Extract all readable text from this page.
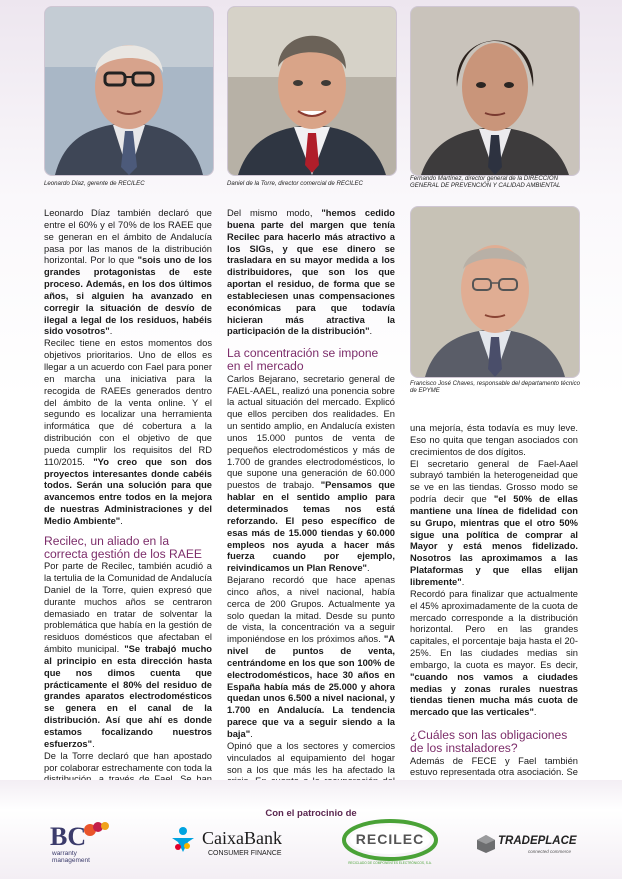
Leonardo Díaz, gerente de RECILEC	Daniel de la Torre, director comercial de RECILEC
Fernando Martínez, director general de la DIRECCIÓN GENERAL DE PREVENCIÓN Y CALIDAD AMBIENTAL
Francisco José Chaves, responsable del departamento técnico de EPYME

Leonardo Díaz también declaró que entre el 60% y el 70% de los RAEE que se generan en el ámbito de Andalucía pasa por las manos de la distribución horizontal. Por lo que "sois uno de los grandes protagonistas de este proceso. Además, en los dos últimos años, si alguien ha avanzado en corregir la situación de desvío de ilegal a legal de los residuos, habéis sido vosotros".

Recilec tiene en estos momentos dos objetivos prioritarios. Uno de ellos es llegar a un acuerdo con Fael para poner en marcha una iniciativa para la recogida de RAEEs generados dentro del ámbito de la venta online. Y el segundo es localizar una herramienta informática que dé cobertura a la distribución con el objetivo de que pueda cumplir los requisitos del RD 110/2015. "Yo creo que son dos proyectos interesantes donde cabéis todos. Serán una solución para que avancemos entre todos en la mejora de nuestras Administraciones y del Medio Ambiente".

Recilec, un aliado en la correcta gestión de los RAEE

Por parte de Recilec, también acudió a la tertulia de la Comunidad de Andalucía Daniel de la Torre, quien expresó que durante muchos años se centraron demasiado en tratar de solventar la problemática que había en la gestión de residuos domésticos que afectaban el ámbito municipal. "Se trabajó mucho al principio en esta dirección hasta que nos dimos cuenta que prácticamente el 80% del residuo de grandes aparatos electrodomésticos se genera en el canal de la distribución. Así que ahí es donde estamos focalizando nuestros esfuerzos".

De la Torre declaró que han apostado por colaborar estrechamente con toda la

Del mismo modo, "hemos cedido buena parte del margen que tenía Recilec para hacerlo más atractivo a los SIGs, y que ese dinero se trasladara en su mayor medida a los distribuidores, que son los que aportan el residuo, de forma que se estableciesen unas compensaciones económicas para que todavía hicieran más atractiva la participación de la distribución".

La concentración se impone en el mercado

Carlos Bejarano, secretario general de FAEL-AAEL, realizó una ponencia sobre la actual situación del mercado. Explicó que ellos perciben dos realidades. En un sentido amplio, en Andalucía existen unos 15.000 puntos de venta de pequeños electrodomésticos y más de 1.700 de grandes electrodomésticos, lo que supone una generación de 60.000 puestos de trabajo. "Pensamos que hablar en el sentido amplio para determinados temas nos está reforzando. El peso específico de esas más de 15.000 tiendas y 60.000 empleos nos ayuda a hacer más fuerza cuando por ejemplo, reivindicamos un Plan Renove".

Bejarano recordó que hace apenas cinco años, a nivel nacional, había cerca de 200 Grupos. Actualmente ya solo quedan la mitad. Desde su punto de vista, la concentración va a seguir imponiéndose en los próximos años. "A nivel de puntos de venta, centrándome en los que son 100% de electrodomésticos, hace 30 años en España había más de 25.000 y ahora quedan unos 6.500 a nivel nacional, y 1.700 en Andalucía. La tendencia parece que va a seguir siendo a la baja".

Opinó que a los sectores y comercios vinculados al equipamiento del hogar son a los que más les ha afectado la

una mejoría, ésta todavía es muy leve. Eso no quita que tengan asociados con crecimientos de dos dígitos.

El secretario general de Fael-Aael subrayó también la heterogeneidad que se ve en las tiendas. Grosso modo se podría decir que "el 50% de ellas mantiene una línea de fidelidad con su Grupo, mientras que el otro 50% sigue una política de comprar al Mayor y está menos fidelizado. Nosotros las aproximamos a las Plataformas y que ellas elijan libremente".

Recordó para finalizar que actualmente el 45% aproximadamente de la cuota de mercado corresponde a la distribución horizontal. Pero en las grandes capitales, el porcentaje baja hasta el 20-25%. En las ciudades medias sin embargo, la cuota es mayor. Es decir, "cuando nos vamos a ciudades medias y zonas rurales nuestras tiendas tienen mucha más cuota de mercado que las verticales".

¿Cuáles son las obligaciones de los instaladores?

Además de FECE y Fael también estuvo representada otra asociación. Se

Con el patrocinio de
BC
warranty
management
CaixaBank
CONSUMER FINANCE
RECILEC
RECICLADO DE COMPONENTES ELECTRÓNICOS, S.A.
TRADEPLACE
connected commerce
